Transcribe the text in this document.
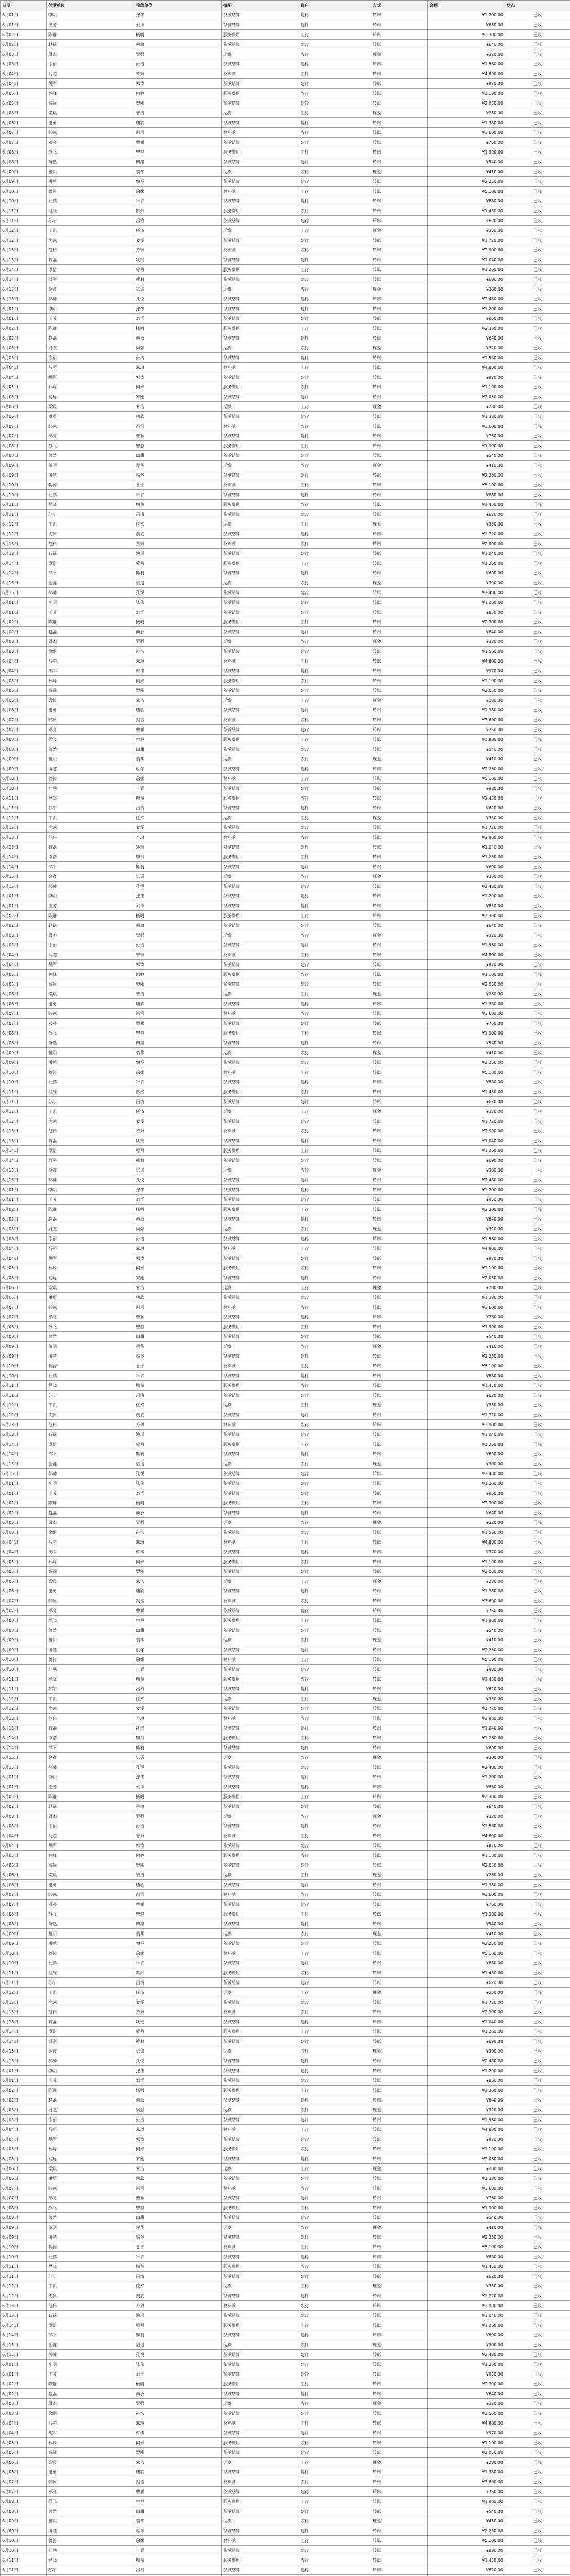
日期	付款单位	收款单位	摘要	账户	方式	金额	状态
6月01日	李明	张伟	货款结算	建行	转账	¥1,200.00	已收
6月01日	王芳	刘洋	货款结算	建行	转账	¥850.00	已收
6月02日	陈静	杨帆	服务费用	工行	转账	¥2,300.00	已收
6月02日	赵磊	黄敏	货款结算	建行	转账	¥640.00	已收
6月03日	周杰	吴强	运费	农行	现金	¥320.00	已收
6月03日	徐丽	孙浩	货款结算	建行	转账	¥1,560.00	已收
6月04日	马超	朱琳	材料款	工行	转账	¥4,800.00	已收
6月04日	胡军	郭涛	货款结算	建行	转账	¥970.00	已收
6月05日	林峰	何婷	服务费用	农行	转账	¥1,100.00	已收
6月05日	高远	罗刚	货款结算	建行	转账	¥2,050.00	已收
6月06日	梁晨	宋洁	运费	工行	现金	¥280.00	已收
6月06日	谢勇	唐欣	货款结算	建行	转账	¥1,380.00	已收
6月07日	韩冰	冯雪	材料款	农行	转账	¥3,600.00	已收
6月07日	邓亮	曹颖	货款结算	建行	转账	¥760.00	已收
6月08日	彭飞	曾静	服务费用	工行	转账	¥1,900.00	已收
6月08日	萧然	田甜	货款结算	建行	转账	¥540.00	已收
6月09日	董明	袁华	运费	农行	现金	¥410.00	已收
6月09日	潘越	蔡琴	货款结算	建行	转账	¥2,250.00	已收
6月10日	蒋涛	余娜	材料款	工行	转账	¥5,100.00	已收
6月10日	杜鹏	叶青	货款结算	建行	转账	¥880.00	已收
6月11日	程晓	魏然	服务费用	农行	转账	¥1,450.00	已收
6月11日	苏宁	吕梅	货款结算	建行	转账	¥620.00	已收
6月12日	丁凯	任杰	运费	工行	现金	¥350.00	已收
6月12日	沈冰	姜雯	货款结算	建行	转账	¥1,720.00	已收
6月13日	范伟	方琳	材料款	农行	转账	¥2,900.00	已收
6月13日	石磊	姚瑶	货款结算	建行	转账	¥1,040.00	已收
6月14日	谭浩	廖丹	服务费用	工行	转账	¥1,260.00	已收
6月14日	邹平	熊莉	货款结算	建行	转账	¥690.00	已收
6月15日	金鑫	陆遥	运费	农行	现金	¥300.00	已收
6月15日	郝帅	孔悦	货款结算	建行	转账	¥2,480.00	已收
6月01日	李明	张伟	货款结算	建行	转账	¥1,200.00	已收
6月01日	王芳	刘洋	货款结算	建行	转账	¥850.00	已收
6月02日	陈静	杨帆	服务费用	工行	转账	¥2,300.00	已收
6月02日	赵磊	黄敏	货款结算	建行	转账	¥640.00	已收
6月03日	周杰	吴强	运费	农行	现金	¥320.00	已收
6月03日	徐丽	孙浩	货款结算	建行	转账	¥1,560.00	已收
6月04日	马超	朱琳	材料款	工行	转账	¥4,800.00	已收
6月04日	胡军	郭涛	货款结算	建行	转账	¥970.00	已收
6月05日	林峰	何婷	服务费用	农行	转账	¥1,100.00	已收
6月05日	高远	罗刚	货款结算	建行	转账	¥2,050.00	已收
6月06日	梁晨	宋洁	运费	工行	现金	¥280.00	已收
6月06日	谢勇	唐欣	货款结算	建行	转账	¥1,380.00	已收
6月07日	韩冰	冯雪	材料款	农行	转账	¥3,600.00	已收
6月07日	邓亮	曹颖	货款结算	建行	转账	¥760.00	已收
6月08日	彭飞	曾静	服务费用	工行	转账	¥1,900.00	已收
6月08日	萧然	田甜	货款结算	建行	转账	¥540.00	已收
6月09日	董明	袁华	运费	农行	现金	¥410.00	已收
6月09日	潘越	蔡琴	货款结算	建行	转账	¥2,250.00	已收
6月10日	蒋涛	余娜	材料款	工行	转账	¥5,100.00	已收
6月10日	杜鹏	叶青	货款结算	建行	转账	¥880.00	已收
6月11日	程晓	魏然	服务费用	农行	转账	¥1,450.00	已收
6月11日	苏宁	吕梅	货款结算	建行	转账	¥620.00	已收
6月12日	丁凯	任杰	运费	工行	现金	¥350.00	已收
6月12日	沈冰	姜雯	货款结算	建行	转账	¥1,720.00	已收
6月13日	范伟	方琳	材料款	农行	转账	¥2,900.00	已收
6月13日	石磊	姚瑶	货款结算	建行	转账	¥1,040.00	已收
6月14日	谭浩	廖丹	服务费用	工行	转账	¥1,260.00	已收
6月14日	邹平	熊莉	货款结算	建行	转账	¥690.00	已收
6月15日	金鑫	陆遥	运费	农行	现金	¥300.00	已收
6月15日	郝帅	孔悦	货款结算	建行	转账	¥2,480.00	已收
6月01日	李明	张伟	货款结算	建行	转账	¥1,200.00	已收
6月01日	王芳	刘洋	货款结算	建行	转账	¥850.00	已收
6月02日	陈静	杨帆	服务费用	工行	转账	¥2,300.00	已收
6月02日	赵磊	黄敏	货款结算	建行	转账	¥640.00	已收
6月03日	周杰	吴强	运费	农行	现金	¥320.00	已收
6月03日	徐丽	孙浩	货款结算	建行	转账	¥1,560.00	已收
6月04日	马超	朱琳	材料款	工行	转账	¥4,800.00	已收
6月04日	胡军	郭涛	货款结算	建行	转账	¥970.00	已收
6月05日	林峰	何婷	服务费用	农行	转账	¥1,100.00	已收
6月05日	高远	罗刚	货款结算	建行	转账	¥2,050.00	已收
6月06日	梁晨	宋洁	运费	工行	现金	¥280.00	已收
6月06日	谢勇	唐欣	货款结算	建行	转账	¥1,380.00	已收
6月07日	韩冰	冯雪	材料款	农行	转账	¥3,600.00	已收
6月07日	邓亮	曹颖	货款结算	建行	转账	¥760.00	已收
6月08日	彭飞	曾静	服务费用	工行	转账	¥1,900.00	已收
6月08日	萧然	田甜	货款结算	建行	转账	¥540.00	已收
6月09日	董明	袁华	运费	农行	现金	¥410.00	已收
6月09日	潘越	蔡琴	货款结算	建行	转账	¥2,250.00	已收
6月10日	蒋涛	余娜	材料款	工行	转账	¥5,100.00	已收
6月10日	杜鹏	叶青	货款结算	建行	转账	¥880.00	已收
6月11日	程晓	魏然	服务费用	农行	转账	¥1,450.00	已收
6月11日	苏宁	吕梅	货款结算	建行	转账	¥620.00	已收
6月12日	丁凯	任杰	运费	工行	现金	¥350.00	已收
6月12日	沈冰	姜雯	货款结算	建行	转账	¥1,720.00	已收
6月13日	范伟	方琳	材料款	农行	转账	¥2,900.00	已收
6月13日	石磊	姚瑶	货款结算	建行	转账	¥1,040.00	已收
6月14日	谭浩	廖丹	服务费用	工行	转账	¥1,260.00	已收
6月14日	邹平	熊莉	货款结算	建行	转账	¥690.00	已收
6月15日	金鑫	陆遥	运费	农行	现金	¥300.00	已收
6月15日	郝帅	孔悦	货款结算	建行	转账	¥2,480.00	已收
6月01日	李明	张伟	货款结算	建行	转账	¥1,200.00	已收
6月01日	王芳	刘洋	货款结算	建行	转账	¥850.00	已收
6月02日	陈静	杨帆	服务费用	工行	转账	¥2,300.00	已收
6月02日	赵磊	黄敏	货款结算	建行	转账	¥640.00	已收
6月03日	周杰	吴强	运费	农行	现金	¥320.00	已收
6月03日	徐丽	孙浩	货款结算	建行	转账	¥1,560.00	已收
6月04日	马超	朱琳	材料款	工行	转账	¥4,800.00	已收
6月04日	胡军	郭涛	货款结算	建行	转账	¥970.00	已收
6月05日	林峰	何婷	服务费用	农行	转账	¥1,100.00	已收
6月05日	高远	罗刚	货款结算	建行	转账	¥2,050.00	已收
6月06日	梁晨	宋洁	运费	工行	现金	¥280.00	已收
6月06日	谢勇	唐欣	货款结算	建行	转账	¥1,380.00	已收
6月07日	韩冰	冯雪	材料款	农行	转账	¥3,600.00	已收
6月07日	邓亮	曹颖	货款结算	建行	转账	¥760.00	已收
6月08日	彭飞	曾静	服务费用	工行	转账	¥1,900.00	已收
6月08日	萧然	田甜	货款结算	建行	转账	¥540.00	已收
6月09日	董明	袁华	运费	农行	现金	¥410.00	已收
6月09日	潘越	蔡琴	货款结算	建行	转账	¥2,250.00	已收
6月10日	蒋涛	余娜	材料款	工行	转账	¥5,100.00	已收
6月10日	杜鹏	叶青	货款结算	建行	转账	¥880.00	已收
6月11日	程晓	魏然	服务费用	农行	转账	¥1,450.00	已收
6月11日	苏宁	吕梅	货款结算	建行	转账	¥620.00	已收
6月12日	丁凯	任杰	运费	工行	现金	¥350.00	已收
6月12日	沈冰	姜雯	货款结算	建行	转账	¥1,720.00	已收
6月13日	范伟	方琳	材料款	农行	转账	¥2,900.00	已收
6月13日	石磊	姚瑶	货款结算	建行	转账	¥1,040.00	已收
6月14日	谭浩	廖丹	服务费用	工行	转账	¥1,260.00	已收
6月14日	邹平	熊莉	货款结算	建行	转账	¥690.00	已收
6月15日	金鑫	陆遥	运费	农行	现金	¥300.00	已收
6月15日	郝帅	孔悦	货款结算	建行	转账	¥2,480.00	已收
6月01日	李明	张伟	货款结算	建行	转账	¥1,200.00	已收
6月01日	王芳	刘洋	货款结算	建行	转账	¥850.00	已收
6月02日	陈静	杨帆	服务费用	工行	转账	¥2,300.00	已收
6月02日	赵磊	黄敏	货款结算	建行	转账	¥640.00	已收
6月03日	周杰	吴强	运费	农行	现金	¥320.00	已收
6月03日	徐丽	孙浩	货款结算	建行	转账	¥1,560.00	已收
6月04日	马超	朱琳	材料款	工行	转账	¥4,800.00	已收
6月04日	胡军	郭涛	货款结算	建行	转账	¥970.00	已收
6月05日	林峰	何婷	服务费用	农行	转账	¥1,100.00	已收
6月05日	高远	罗刚	货款结算	建行	转账	¥2,050.00	已收
6月06日	梁晨	宋洁	运费	工行	现金	¥280.00	已收
6月06日	谢勇	唐欣	货款结算	建行	转账	¥1,380.00	已收
6月07日	韩冰	冯雪	材料款	农行	转账	¥3,600.00	已收
6月07日	邓亮	曹颖	货款结算	建行	转账	¥760.00	已收
6月08日	彭飞	曾静	服务费用	工行	转账	¥1,900.00	已收
6月08日	萧然	田甜	货款结算	建行	转账	¥540.00	已收
6月09日	董明	袁华	运费	农行	现金	¥410.00	已收
6月09日	潘越	蔡琴	货款结算	建行	转账	¥2,250.00	已收
6月10日	蒋涛	余娜	材料款	工行	转账	¥5,100.00	已收
6月10日	杜鹏	叶青	货款结算	建行	转账	¥880.00	已收
6月11日	程晓	魏然	服务费用	农行	转账	¥1,450.00	已收
6月11日	苏宁	吕梅	货款结算	建行	转账	¥620.00	已收
6月12日	丁凯	任杰	运费	工行	现金	¥350.00	已收
6月12日	沈冰	姜雯	货款结算	建行	转账	¥1,720.00	已收
6月13日	范伟	方琳	材料款	农行	转账	¥2,900.00	已收
6月13日	石磊	姚瑶	货款结算	建行	转账	¥1,040.00	已收
6月14日	谭浩	廖丹	服务费用	工行	转账	¥1,260.00	已收
6月14日	邹平	熊莉	货款结算	建行	转账	¥690.00	已收
6月15日	金鑫	陆遥	运费	农行	现金	¥300.00	已收
6月15日	郝帅	孔悦	货款结算	建行	转账	¥2,480.00	已收
6月01日	李明	张伟	货款结算	建行	转账	¥1,200.00	已收
6月01日	王芳	刘洋	货款结算	建行	转账	¥850.00	已收
6月02日	陈静	杨帆	服务费用	工行	转账	¥2,300.00	已收
6月02日	赵磊	黄敏	货款结算	建行	转账	¥640.00	已收
6月03日	周杰	吴强	运费	农行	现金	¥320.00	已收
6月03日	徐丽	孙浩	货款结算	建行	转账	¥1,560.00	已收
6月04日	马超	朱琳	材料款	工行	转账	¥4,800.00	已收
6月04日	胡军	郭涛	货款结算	建行	转账	¥970.00	已收
6月05日	林峰	何婷	服务费用	农行	转账	¥1,100.00	已收
6月05日	高远	罗刚	货款结算	建行	转账	¥2,050.00	已收
6月06日	梁晨	宋洁	运费	工行	现金	¥280.00	已收
6月06日	谢勇	唐欣	货款结算	建行	转账	¥1,380.00	已收
6月07日	韩冰	冯雪	材料款	农行	转账	¥3,600.00	已收
6月07日	邓亮	曹颖	货款结算	建行	转账	¥760.00	已收
6月08日	彭飞	曾静	服务费用	工行	转账	¥1,900.00	已收
6月08日	萧然	田甜	货款结算	建行	转账	¥540.00	已收
6月09日	董明	袁华	运费	农行	现金	¥410.00	已收
6月09日	潘越	蔡琴	货款结算	建行	转账	¥2,250.00	已收
6月10日	蒋涛	余娜	材料款	工行	转账	¥5,100.00	已收
6月10日	杜鹏	叶青	货款结算	建行	转账	¥880.00	已收
6月11日	程晓	魏然	服务费用	农行	转账	¥1,450.00	已收
6月11日	苏宁	吕梅	货款结算	建行	转账	¥620.00	已收
6月12日	丁凯	任杰	运费	工行	现金	¥350.00	已收
6月12日	沈冰	姜雯	货款结算	建行	转账	¥1,720.00	已收
6月13日	范伟	方琳	材料款	农行	转账	¥2,900.00	已收
6月13日	石磊	姚瑶	货款结算	建行	转账	¥1,040.00	已收
6月14日	谭浩	廖丹	服务费用	工行	转账	¥1,260.00	已收
6月14日	邹平	熊莉	货款结算	建行	转账	¥690.00	已收
6月15日	金鑫	陆遥	运费	农行	现金	¥300.00	已收
6月15日	郝帅	孔悦	货款结算	建行	转账	¥2,480.00	已收
6月01日	李明	张伟	货款结算	建行	转账	¥1,200.00	已收
6月01日	王芳	刘洋	货款结算	建行	转账	¥850.00	已收
6月02日	陈静	杨帆	服务费用	工行	转账	¥2,300.00	已收
6月02日	赵磊	黄敏	货款结算	建行	转账	¥640.00	已收
6月03日	周杰	吴强	运费	农行	现金	¥320.00	已收
6月03日	徐丽	孙浩	货款结算	建行	转账	¥1,560.00	已收
6月04日	马超	朱琳	材料款	工行	转账	¥4,800.00	已收
6月04日	胡军	郭涛	货款结算	建行	转账	¥970.00	已收
6月05日	林峰	何婷	服务费用	农行	转账	¥1,100.00	已收
6月05日	高远	罗刚	货款结算	建行	转账	¥2,050.00	已收
6月06日	梁晨	宋洁	运费	工行	现金	¥280.00	已收
6月06日	谢勇	唐欣	货款结算	建行	转账	¥1,380.00	已收
6月07日	韩冰	冯雪	材料款	农行	转账	¥3,600.00	已收
6月07日	邓亮	曹颖	货款结算	建行	转账	¥760.00	已收
6月08日	彭飞	曾静	服务费用	工行	转账	¥1,900.00	已收
6月08日	萧然	田甜	货款结算	建行	转账	¥540.00	已收
6月09日	董明	袁华	运费	农行	现金	¥410.00	已收
6月09日	潘越	蔡琴	货款结算	建行	转账	¥2,250.00	已收
6月10日	蒋涛	余娜	材料款	工行	转账	¥5,100.00	已收
6月10日	杜鹏	叶青	货款结算	建行	转账	¥880.00	已收
6月11日	程晓	魏然	服务费用	农行	转账	¥1,450.00	已收
6月11日	苏宁	吕梅	货款结算	建行	转账	¥620.00	已收
6月12日	丁凯	任杰	运费	工行	现金	¥350.00	已收
6月12日	沈冰	姜雯	货款结算	建行	转账	¥1,720.00	已收
6月13日	范伟	方琳	材料款	农行	转账	¥2,900.00	已收
6月13日	石磊	姚瑶	货款结算	建行	转账	¥1,040.00	已收
6月14日	谭浩	廖丹	服务费用	工行	转账	¥1,260.00	已收
6月14日	邹平	熊莉	货款结算	建行	转账	¥690.00	已收
6月15日	金鑫	陆遥	运费	农行	现金	¥300.00	已收
6月15日	郝帅	孔悦	货款结算	建行	转账	¥2,480.00	已收
6月01日	李明	张伟	货款结算	建行	转账	¥1,200.00	已收
6月01日	王芳	刘洋	货款结算	建行	转账	¥850.00	已收
6月02日	陈静	杨帆	服务费用	工行	转账	¥2,300.00	已收
6月02日	赵磊	黄敏	货款结算	建行	转账	¥640.00	已收
6月03日	周杰	吴强	运费	农行	现金	¥320.00	已收
6月03日	徐丽	孙浩	货款结算	建行	转账	¥1,560.00	已收
6月04日	马超	朱琳	材料款	工行	转账	¥4,800.00	已收
6月04日	胡军	郭涛	货款结算	建行	转账	¥970.00	已收
6月05日	林峰	何婷	服务费用	农行	转账	¥1,100.00	已收
6月05日	高远	罗刚	货款结算	建行	转账	¥2,050.00	已收
6月06日	梁晨	宋洁	运费	工行	现金	¥280.00	已收
6月06日	谢勇	唐欣	货款结算	建行	转账	¥1,380.00	已收
6月07日	韩冰	冯雪	材料款	农行	转账	¥3,600.00	已收
6月07日	邓亮	曹颖	货款结算	建行	转账	¥760.00	已收
6月08日	彭飞	曾静	服务费用	工行	转账	¥1,900.00	已收
6月08日	萧然	田甜	货款结算	建行	转账	¥540.00	已收
6月09日	董明	袁华	运费	农行	现金	¥410.00	已收
6月09日	潘越	蔡琴	货款结算	建行	转账	¥2,250.00	已收
6月10日	蒋涛	余娜	材料款	工行	转账	¥5,100.00	已收
6月10日	杜鹏	叶青	货款结算	建行	转账	¥880.00	已收
6月11日	程晓	魏然	服务费用	农行	转账	¥1,450.00	已收
6月11日	苏宁	吕梅	货款结算	建行	转账	¥620.00	已收
6月12日	丁凯	任杰	运费	工行	现金	¥350.00	已收
6月12日	沈冰	姜雯	货款结算	建行	转账	¥1,720.00	已收
6月13日	范伟	方琳	材料款	农行	转账	¥2,900.00	已收
6月13日	石磊	姚瑶	货款结算	建行	转账	¥1,040.00	已收
6月14日	谭浩	廖丹	服务费用	工行	转账	¥1,260.00	已收
6月14日	邹平	熊莉	货款结算	建行	转账	¥690.00	已收
6月15日	金鑫	陆遥	运费	农行	现金	¥300.00	已收
6月15日	郝帅	孔悦	货款结算	建行	转账	¥2,480.00	已收
6月01日	李明	张伟	货款结算	建行	转账	¥1,200.00	已收
6月01日	王芳	刘洋	货款结算	建行	转账	¥850.00	已收
6月02日	陈静	杨帆	服务费用	工行	转账	¥2,300.00	已收
6月02日	赵磊	黄敏	货款结算	建行	转账	¥640.00	已收
6月03日	周杰	吴强	运费	农行	现金	¥320.00	已收
6月03日	徐丽	孙浩	货款结算	建行	转账	¥1,560.00	已收
6月04日	马超	朱琳	材料款	工行	转账	¥4,800.00	已收
6月04日	胡军	郭涛	货款结算	建行	转账	¥970.00	已收
6月05日	林峰	何婷	服务费用	农行	转账	¥1,100.00	已收
6月05日	高远	罗刚	货款结算	建行	转账	¥2,050.00	已收
6月06日	梁晨	宋洁	运费	工行	现金	¥280.00	已收
6月06日	谢勇	唐欣	货款结算	建行	转账	¥1,380.00	已收
6月07日	韩冰	冯雪	材料款	农行	转账	¥3,600.00	已收
6月07日	邓亮	曹颖	货款结算	建行	转账	¥760.00	已收
6月08日	彭飞	曾静	服务费用	工行	转账	¥1,900.00	已收
6月08日	萧然	田甜	货款结算	建行	转账	¥540.00	已收
6月09日	董明	袁华	运费	农行	现金	¥410.00	已收
6月09日	潘越	蔡琴	货款结算	建行	转账	¥2,250.00	已收
6月10日	蒋涛	余娜	材料款	工行	转账	¥5,100.00	已收
6月10日	杜鹏	叶青	货款结算	建行	转账	¥880.00	已收
6月11日	程晓	魏然	服务费用	农行	转账	¥1,450.00	已收
6月11日	苏宁	吕梅	货款结算	建行	转账	¥620.00	已收
